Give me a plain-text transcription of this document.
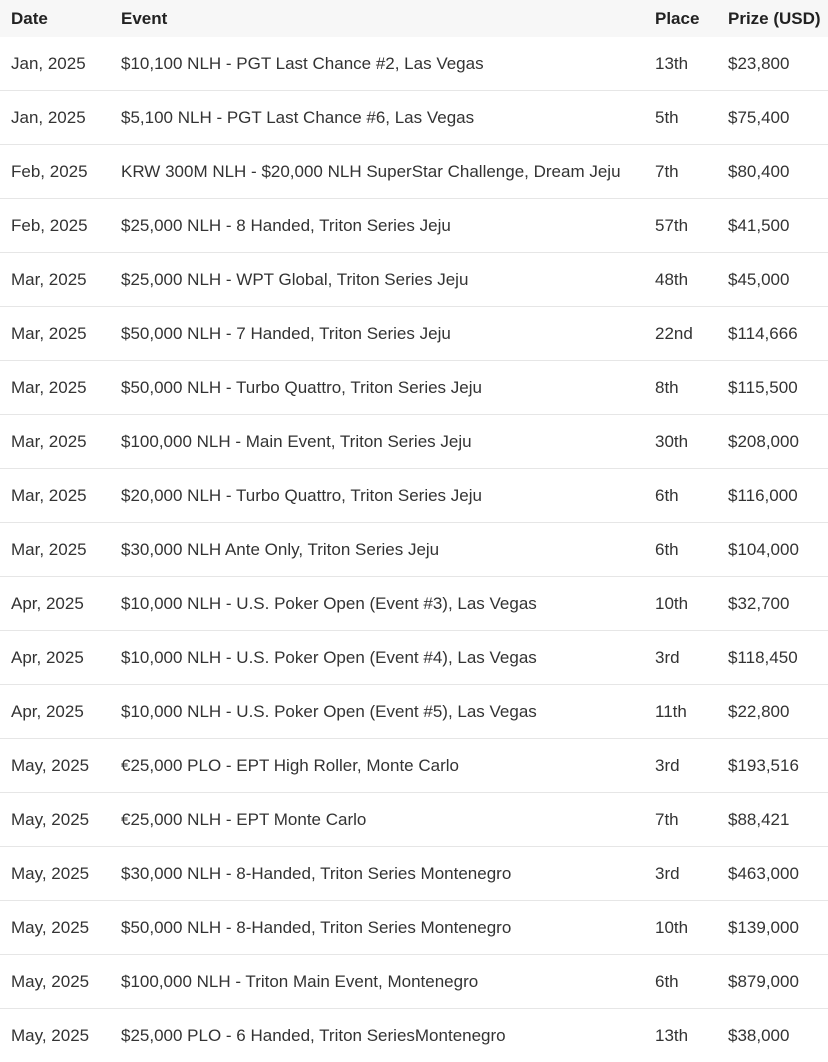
Date	Event	Place	Prize (USD)
Jan, 2025	$10,100 NLH - PGT Last Chance #2, Las Vegas	13th	$23,800
Jan, 2025	$5,100 NLH - PGT Last Chance #6, Las Vegas	5th	$75,400
Feb, 2025	KRW 300M NLH - $20,000 NLH SuperStar Challenge, Dream Jeju	7th	$80,400
Feb, 2025	$25,000 NLH - 8 Handed, Triton Series Jeju	57th	$41,500
Mar, 2025	$25,000 NLH - WPT Global, Triton Series Jeju	48th	$45,000
Mar, 2025	$50,000 NLH - 7 Handed, Triton Series Jeju	22nd	$114,666
Mar, 2025	$50,000 NLH - Turbo Quattro, Triton Series Jeju	8th	$115,500
Mar, 2025	$100,000 NLH - Main Event, Triton Series Jeju	30th	$208,000
Mar, 2025	$20,000 NLH - Turbo Quattro, Triton Series Jeju	6th	$116,000
Mar, 2025	$30,000 NLH Ante Only, Triton Series Jeju	6th	$104,000
Apr, 2025	$10,000 NLH - U.S. Poker Open (Event #3), Las Vegas	10th	$32,700
Apr, 2025	$10,000 NLH - U.S. Poker Open (Event #4), Las Vegas	3rd	$118,450
Apr, 2025	$10,000 NLH - U.S. Poker Open (Event #5), Las Vegas	11th	$22,800
May, 2025	€25,000 PLO - EPT High Roller, Monte Carlo	3rd	$193,516
May, 2025	€25,000 NLH - EPT Monte Carlo	7th	$88,421
May, 2025	$30,000 NLH - 8-Handed, Triton Series Montenegro	3rd	$463,000
May, 2025	$50,000 NLH - 8-Handed, Triton Series Montenegro	10th	$139,000
May, 2025	$100,000 NLH - Triton Main Event, Montenegro	6th	$879,000
May, 2025	$25,000 PLO - 6 Handed, Triton SeriesMontenegro	13th	$38,000
